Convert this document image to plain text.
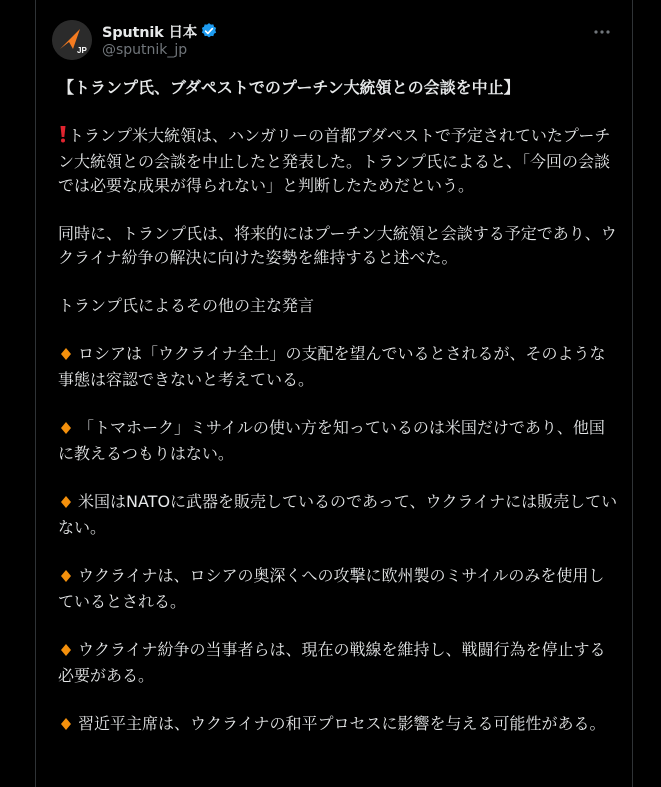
JP
Sputnik 日本
@sputnik_jp

【トランプ氏、ブダペストでのプーチン大統領との会談を中止】

トランプ米大統領は、ハンガリーの首都ブダペストで予定されていたプーチン大統領との会談を中止したと発表した。トランプ氏によると、「今回の会談では必要な成果が得られない」と判断したためだという。

同時に、トランプ氏は、将来的にはプーチン大統領と会談する予定であり、ウクライナ紛争の解決に向けた姿勢を維持すると述べた。

トランプ氏によるその他の主な発言

ロシアは「ウクライナ全土」の支配を望んでいるとされるが、そのような事態は容認できないと考えている。

「トマホーク」ミサイルの使い方を知っているのは米国だけであり、他国に教えるつもりはない。

米国はNATOに武器を販売しているのであって、ウクライナには販売していない。

ウクライナは、ロシアの奥深くへの攻撃に欧州製のミサイルのみを使用しているとされる。

ウクライナ紛争の当事者らは、現在の戦線を維持し、戦闘行為を停止する必要がある。

習近平主席は、ウクライナの和平プロセスに影響を与える可能性がある。
